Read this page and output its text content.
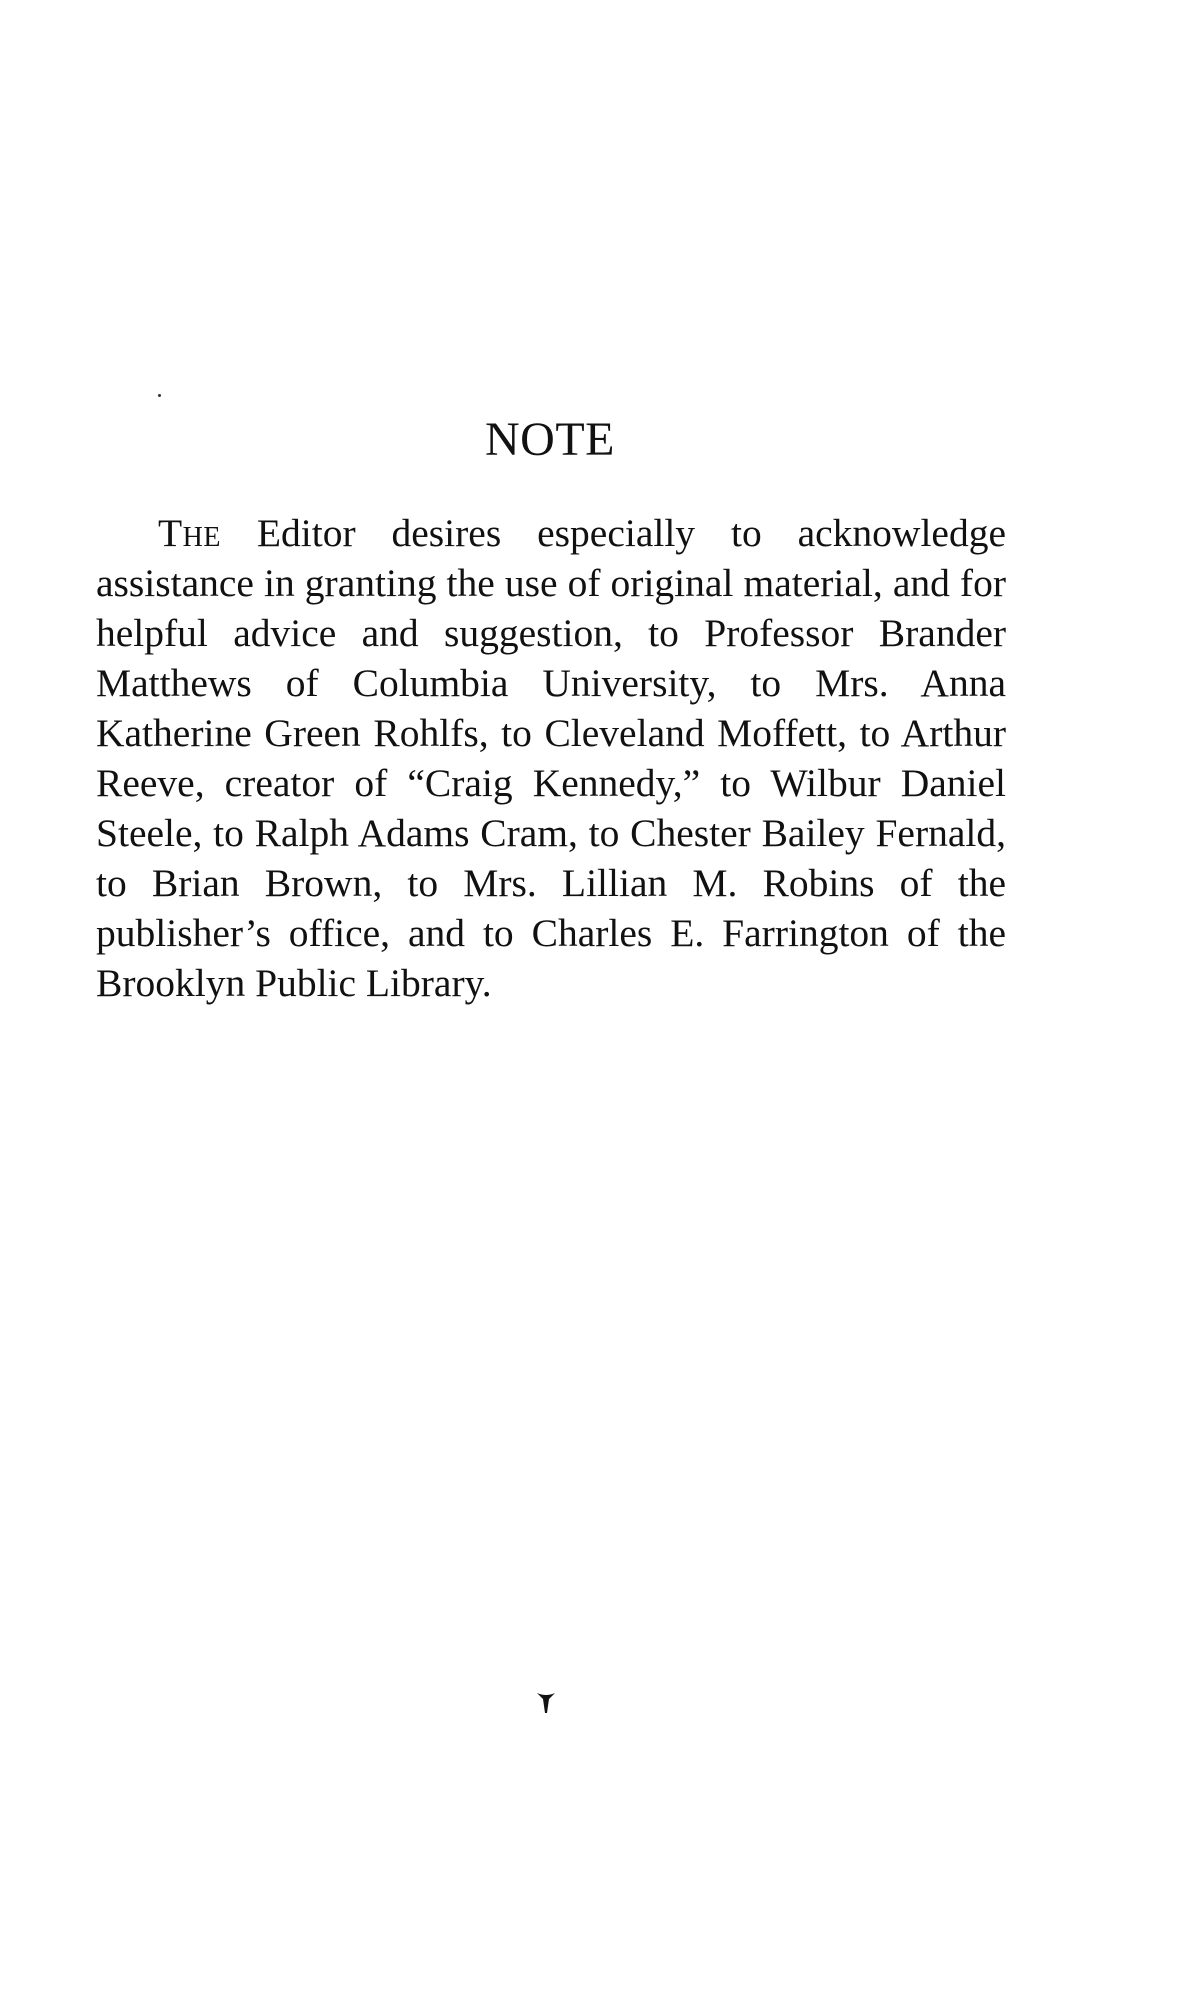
NOTE

The Editor desires especially to acknowledge assistance in granting the use of original material, and for helpful advice and suggestion, to Professor Brander Matthews of Columbia University, to Mrs. Anna Katherine Green Rohlfs, to Cleveland Moffett, to Arthur Reeve, creator of “Craig Kennedy,” to Wilbur Daniel Steele, to Ralph Adams Cram, to Chester Bailey Fernald, to Brian Brown, to Mrs. Lillian M. Robins of the publisher’s office, and to Charles E. Farrington of the Brooklyn Public Library.
